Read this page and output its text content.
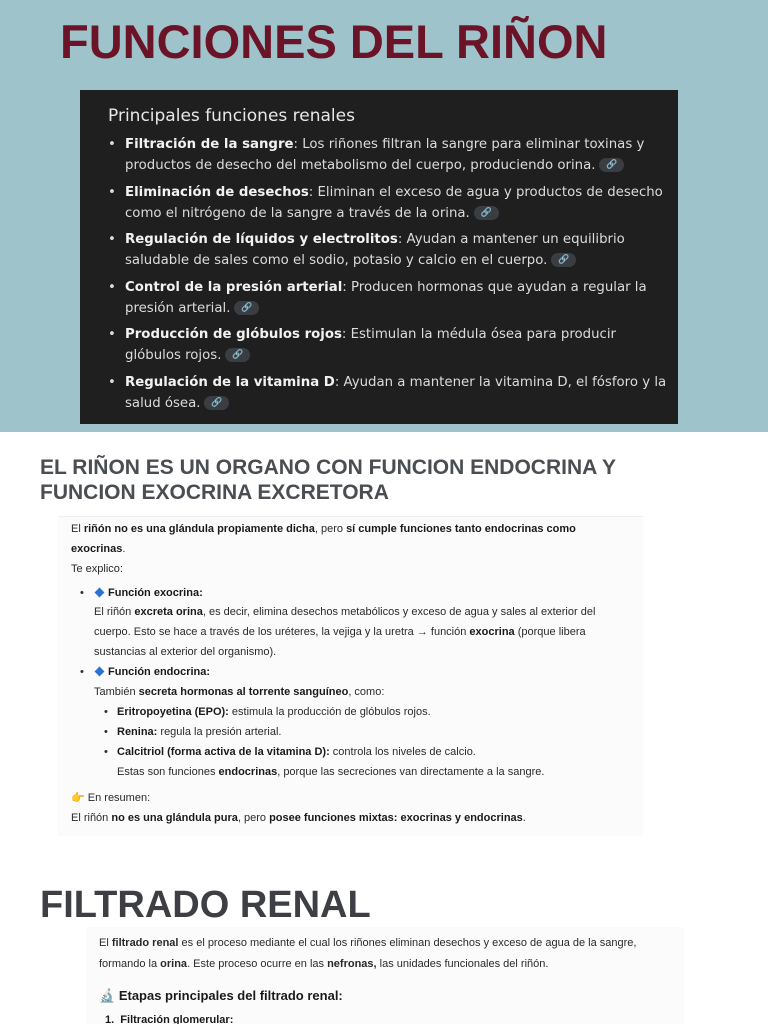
FUNCIONES DEL RIÑON
Principales funciones renales
• Filtración de la sangre: Los riñones filtran la sangre para eliminar toxinas y productos de desecho del metabolismo del cuerpo, produciendo orina. 🔗
• Eliminación de desechos: Eliminan el exceso de agua y productos de desecho como el nitrógeno de la sangre a través de la orina. 🔗
• Regulación de líquidos y electrolitos: Ayudan a mantener un equilibrio saludable de sales como el sodio, potasio y calcio en el cuerpo. 🔗
• Control de la presión arterial: Producen hormonas que ayudan a regular la presión arterial. 🔗
• Producción de glóbulos rojos: Estimulan la médula ósea para producir glóbulos rojos. 🔗
• Regulación de la vitamina D: Ayudan a mantener la vitamina D, el fósforo y la salud ósea. 🔗
EL RIÑON ES UN ORGANO CON FUNCION ENDOCRINA Y FUNCION EXOCRINA EXCRETORA

El riñón no es una glándula propiamente dicha, pero sí cumple funciones tanto endocrinas como exocrinas.

Te explico:

•	Función exocrina:

El riñón excreta orina, es decir, elimina desechos metabólicos y exceso de agua y sales al exterior del cuerpo. Esto se hace a través de los uréteres, la vejiga y la uretra → función exocrina (porque libera sustancias al exterior del organismo).

•	Función endocrina:

También secreta hormonas al torrente sanguíneo, como:

• Eritropoyetina (EPO): estimula la producción de glóbulos rojos.

• Renina: regula la presión arterial.

• Calcitriol (forma activa de la vitamina D): controla los niveles de calcio.

Estas son funciones endocrinas, porque las secreciones van directamente a la sangre.

👉 En resumen:

El riñón no es una glándula pura, pero posee funciones mixtas: exocrinas y endocrinas.

FILTRADO RENAL

El filtrado renal es el proceso mediante el cual los riñones eliminan desechos y exceso de agua de la sangre, formando la orina. Este proceso ocurre en las nefronas, las unidades funcionales del riñón.

🔬 Etapas principales del filtrado renal:

1.  Filtración glomerular:
